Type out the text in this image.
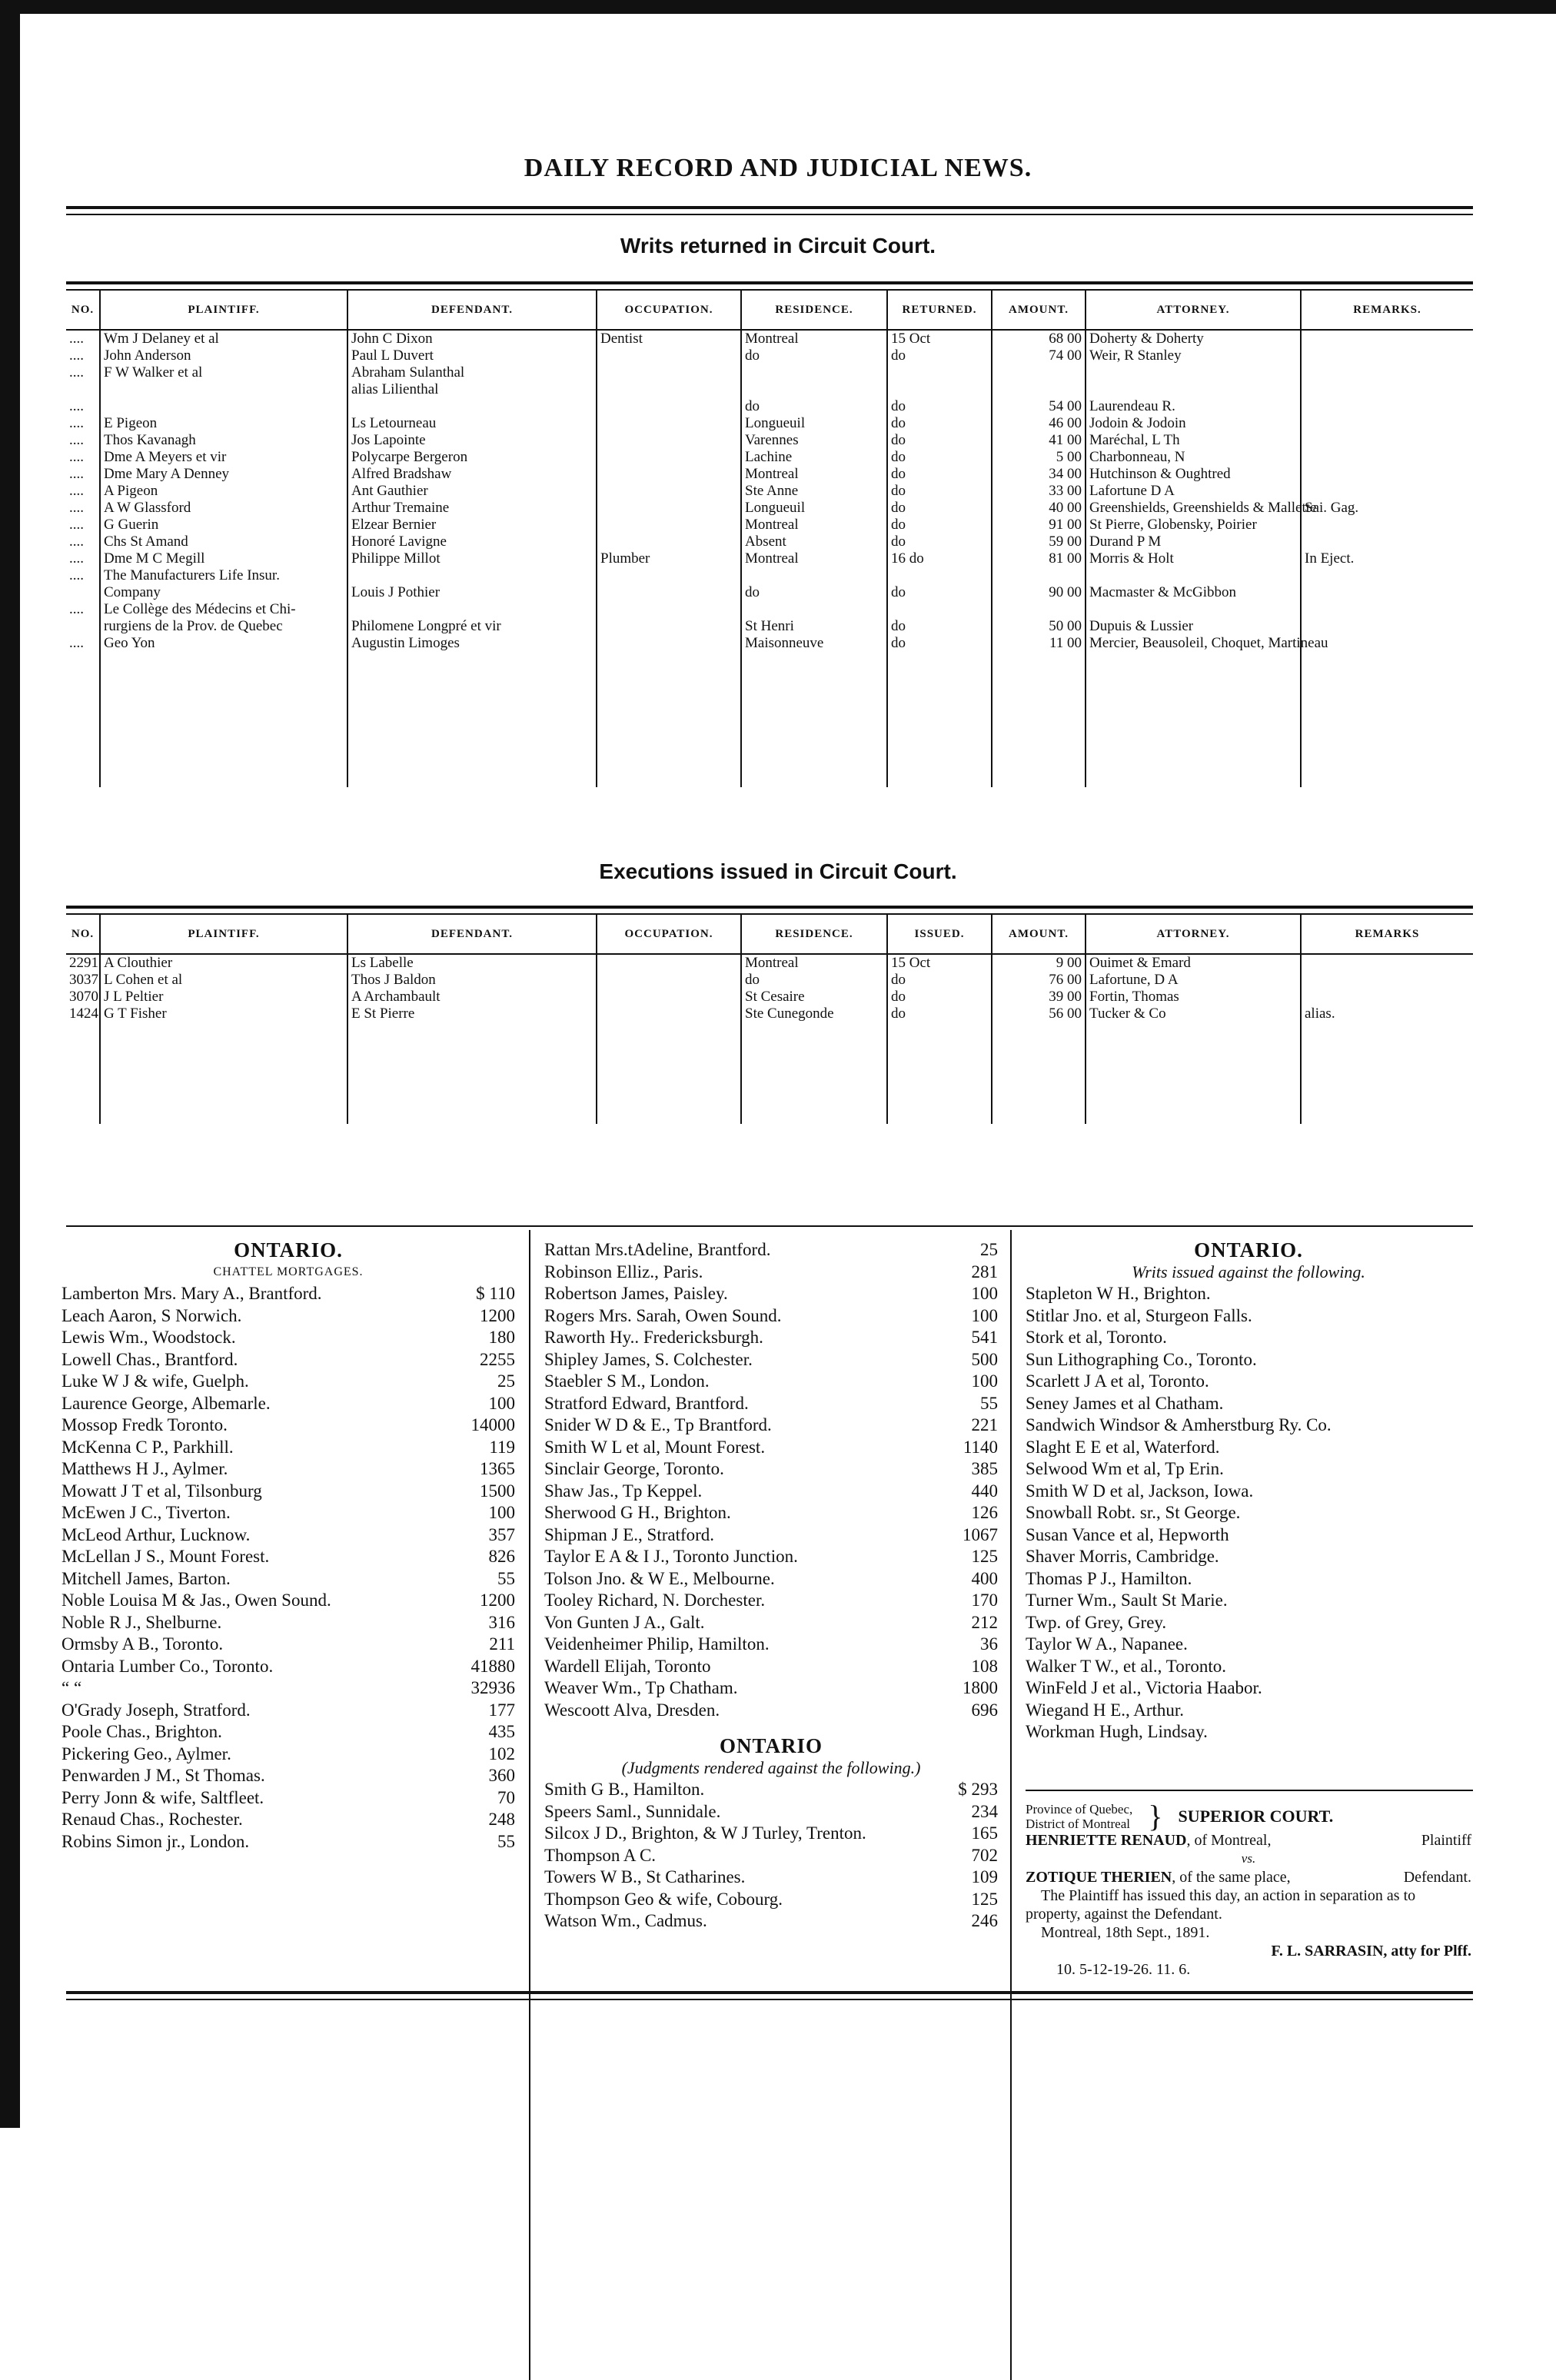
DAILY RECORD AND JUDICIAL NEWS.
Writs returned in Circuit Court.
NO.	PLAINTIFF.	DEFENDANT.	OCCUPATION.	RESIDENCE.	RETURNED.	AMOUNT.	ATTORNEY.	REMARKS.
....	Wm J Delaney et al	John C Dixon	Dentist	Montreal	15 Oct	68 00	Doherty & Doherty	
....	John Anderson	Paul L Duvert		do	do	74 00	Weir, R Stanley	
....	F W Walker et al	Abraham Sulanthal						
		alias Lilienthal						
....				do	do	54 00	Laurendeau R.	
....	E Pigeon	Ls Letourneau		Longueuil	do	46 00	Jodoin & Jodoin	
....	Thos Kavanagh	Jos Lapointe		Varennes	do	41 00	Maréchal, L Th	
....	Dme A Meyers et vir	Polycarpe Bergeron		Lachine	do	5 00	Charbonneau, N	
....	Dme Mary A Denney	Alfred Bradshaw		Montreal	do	34 00	Hutchinson & Oughtred	
....	A Pigeon	Ant Gauthier		Ste Anne	do	33 00	Lafortune D A	
....	A W Glassford	Arthur Tremaine		Longueuil	do	40 00	Greenshields, Greenshields & Mallette	Sai. Gag.
....	G Guerin	Elzear Bernier		Montreal	do	91 00	St Pierre, Globensky, Poirier	
....	Chs St Amand	Honoré Lavigne		Absent	do	59 00	Durand P M	
....	Dme M C Megill	Philippe Millot	Plumber	Montreal	16 do	81 00	Morris & Holt	In Eject.
....	The Manufacturers Life Insur.							
	Company	Louis J Pothier		do	do	90 00	Macmaster & McGibbon	
....	Le Collège des Médecins et Chi-							
	rurgiens de la Prov. de Quebec	Philomene Longpré et vir		St Henri	do	50 00	Dupuis & Lussier	
....	Geo Yon	Augustin Limoges		Maisonneuve	do	11 00	Mercier, Beausoleil, Choquet, Martineau	

Executions issued in Circuit Court.
NO.	PLAINTIFF.	DEFENDANT.	OCCUPATION.	RESIDENCE.	ISSUED.	AMOUNT.	ATTORNEY.	REMARKS
2291	A Clouthier	Ls Labelle		Montreal	15 Oct	9 00	Ouimet & Emard	
3037	L Cohen et al	Thos J Baldon		do	do	76 00	Lafortune, D A	
3070	J L Peltier	A Archambault		St Cesaire	do	39 00	Fortin, Thomas	
1424	G T Fisher	E St Pierre		Ste Cunegonde	do	56 00	Tucker & Co	alias.

ONTARIO.
CHATTEL MORTGAGES.
Lamberton Mrs. Mary A., Brantford.	$ 110
Leach Aaron, S Norwich.	1200
Lewis Wm., Woodstock.	180
Lowell Chas., Brantford.	2255
Luke W J & wife, Guelph.	25
Laurence George, Albemarle.	100
Mossop Fredk Toronto.	14000
McKenna C P., Parkhill.	119
Matthews H J., Aylmer.	1365
Mowatt J T et al, Tilsonburg	1500
McEwen J C., Tiverton.	100
McLeod Arthur, Lucknow.	357
McLellan J S., Mount Forest.	826
Mitchell James, Barton.	55
Noble Louisa M & Jas., Owen Sound.	1200
Noble R J., Shelburne.	316
Ormsby A B., Toronto.	211
Ontaria Lumber Co., Toronto.	41880
“ “	32936
O'Grady Joseph, Stratford.	177
Poole Chas., Brighton.	435
Pickering Geo., Aylmer.	102
Penwarden J M., St Thomas.	360
Perry Jonn & wife, Saltfleet.	70
Renaud Chas., Rochester.	248
Robins Simon jr., London.	55
Rattan Mrs.tAdeline, Brantford.	25
Robinson Elliz., Paris.	281
Robertson James, Paisley.	100
Rogers Mrs. Sarah, Owen Sound.	100
Raworth Hy.. Fredericksburgh.	541
Shipley James, S. Colchester.	500
Staebler S M., London.	100
Stratford Edward, Brantford.	55
Snider W D & E., Tp Brantford.	221
Smith W L et al, Mount Forest.	1140
Sinclair George, Toronto.	385
Shaw Jas., Tp Keppel.	440
Sherwood G H., Brighton.	126
Shipman J E., Stratford.	1067
Taylor E A & I J., Toronto Junction.	125
Tolson Jno. & W E., Melbourne.	400
Tooley Richard, N. Dorchester.	170
Von Gunten J A., Galt.	212
Veidenheimer Philip, Hamilton.	36
Wardell Elijah, Toronto	108
Weaver Wm., Tp Chatham.	1800
Wescoott Alva, Dresden.	696
ONTARIO
(Judgments rendered against the following.)
Smith G B., Hamilton.	$ 293
Speers Saml., Sunnidale.	234
Silcox J D., Brighton, & W J Turley, Trenton.	165
Thompson A C.	702
Towers W B., St Catharines.	109
Thompson Geo & wife, Cobourg.	125
Watson Wm., Cadmus.	246
ONTARIO.
Writs issued against the following.
Stapleton W H., Brighton.
Stitlar Jno. et al, Sturgeon Falls.
Stork et al, Toronto.
Sun Lithographing Co., Toronto.
Scarlett J A et al, Toronto.
Seney James et al Chatham.
Sandwich Windsor & Amherstburg Ry. Co.
Slaght E E et al, Waterford.
Selwood Wm et al, Tp Erin.
Smith W D et al, Jackson, Iowa.
Snowball Robt. sr., St George.
Susan Vance et al, Hepworth
Shaver Morris, Cambridge.
Thomas P J., Hamilton.
Turner Wm., Sault St Marie.
Twp. of Grey, Grey.
Taylor W A., Napanee.
Walker T W., et al., Toronto.
WinFeld J et al., Victoria Haabor.
Wiegand H E., Arthur.
Workman Hugh, Lindsay.
Province of Quebec,
District of Montreal } SUPERIOR COURT.
HENRIETTE RENAUD, of Montreal,	Plaintiff
vs.
ZOTIQUE THERIEN, of the same place,	Defendant.
The Plaintiff has issued this day, an action in separation as to property, against the Defendant.
Montreal, 18th Sept., 1891.
F. L. SARRASIN, atty for Plff.
10. 5-12-19-26. 11. 6.
